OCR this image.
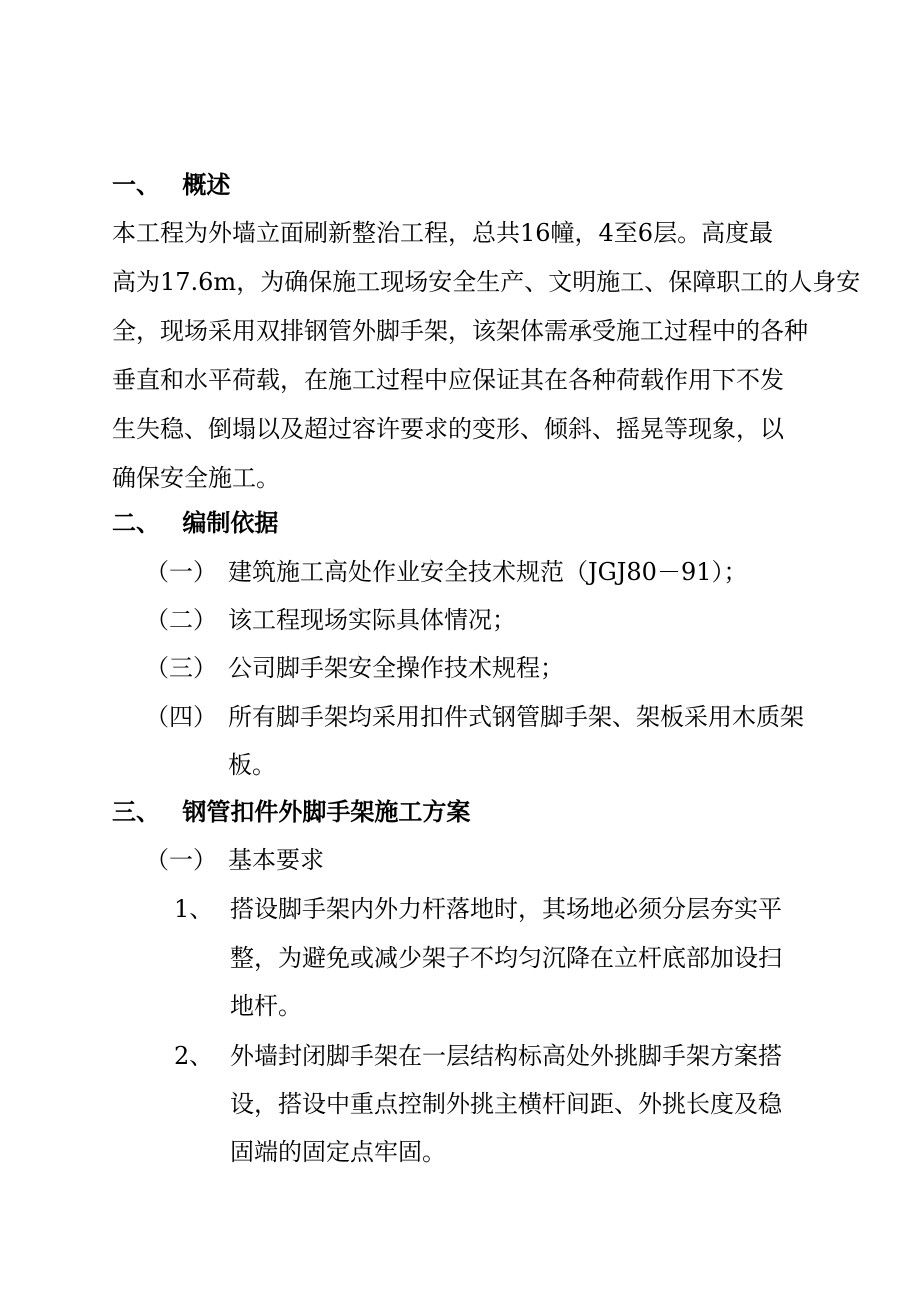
一、 概述
本工程为外墙立面刷新整治工程，总共16幢，4至6层。高度最
高为17.6m，为确保施工现场安全生产、文明施工、保障职工的人身安
全，现场采用双排钢管外脚手架，该架体需承受施工过程中的各种
垂直和水平荷载，在施工过程中应保证其在各种荷载作用下不发
生失稳、倒塌以及超过容许要求的变形、倾斜、摇晃等现象，以
确保安全施工。
二、 编制依据
（一） 建筑施工高处作业安全技术规范（JGJ80－91）；
（二） 该工程现场实际具体情况；
（三） 公司脚手架安全操作技术规程；
（四） 所有脚手架均采用扣件式钢管脚手架、架板采用木质架
板。
三、 钢管扣件外脚手架施工方案
（一） 基本要求
1、 搭设脚手架内外力杆落地时，其场地必须分层夯实平
整，为避免或减少架子不均匀沉降在立杆底部加设扫
地杆。
2、 外墙封闭脚手架在一层结构标高处外挑脚手架方案搭
设，搭设中重点控制外挑主横杆间距、外挑长度及稳
固端的固定点牢固。
